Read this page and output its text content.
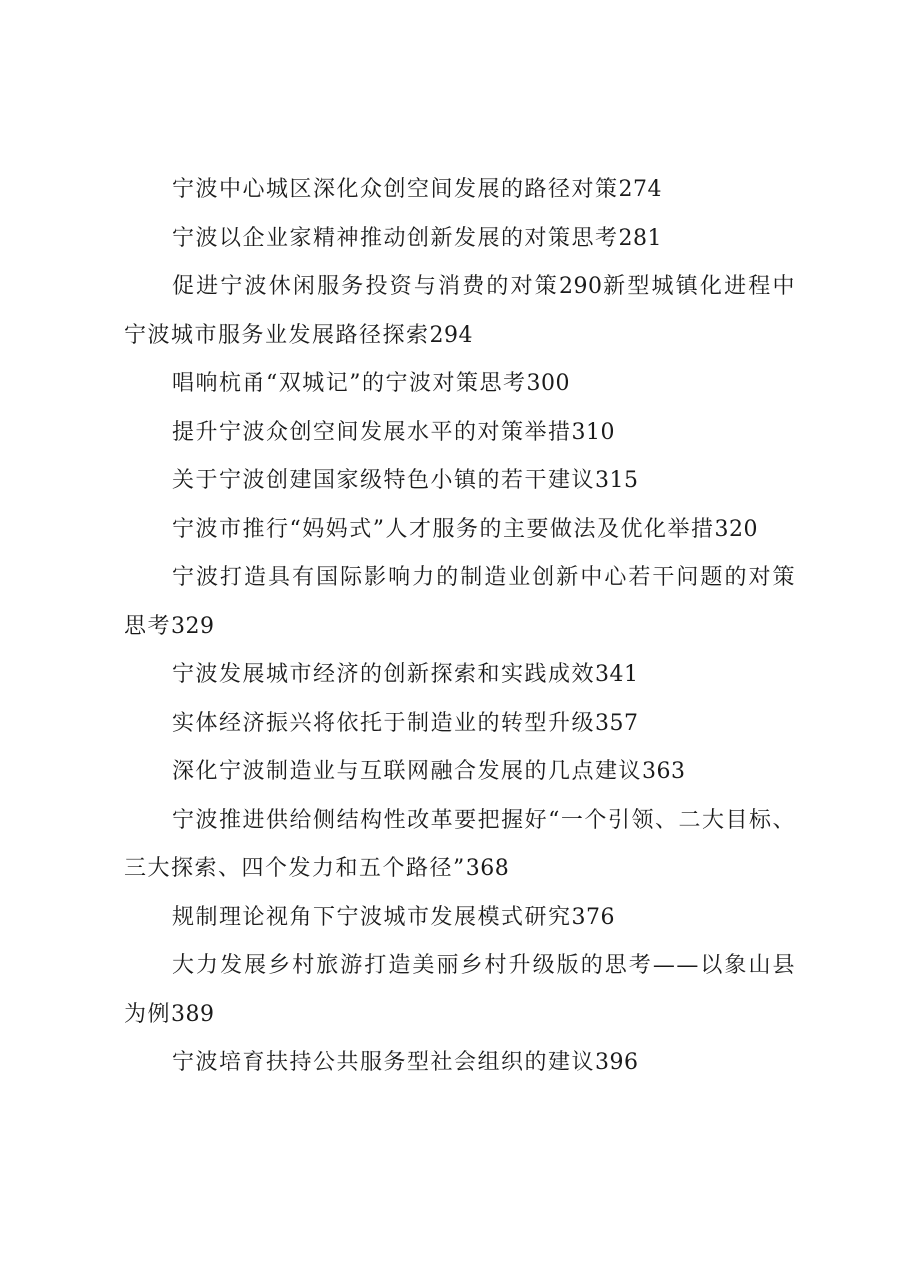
宁波中心城区深化众创空间发展的路径对策274

宁波以企业家精神推动创新发展的对策思考281

促进宁波休闲服务投资与消费的对策290新型城镇化进程中宁波城市服务业发展路径探索294

唱响杭甬“双城记”的宁波对策思考300

提升宁波众创空间发展水平的对策举措310

关于宁波创建国家级特色小镇的若干建议315

宁波市推行“妈妈式”人才服务的主要做法及优化举措320

宁波打造具有国际影响力的制造业创新中心若干问题的对策思考329

宁波发展城市经济的创新探索和实践成效341

实体经济振兴将依托于制造业的转型升级357

深化宁波制造业与互联网融合发展的几点建议363

宁波推进供给侧结构性改革要把握好“一个引领、二大目标、三大探索、四个发力和五个路径”368

规制理论视角下宁波城市发展模式研究376

大力发展乡村旅游打造美丽乡村升级版的思考——以象山县为例389

宁波培育扶持公共服务型社会组织的建议396
